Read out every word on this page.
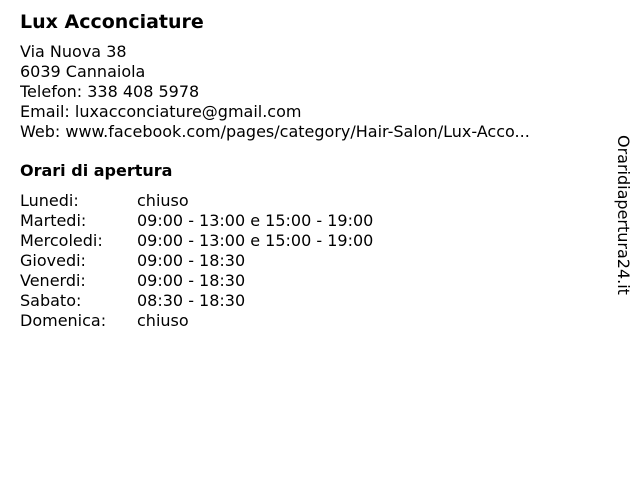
Lux Acconciature
Via Nuova 38
6039 Cannaiola
Telefon: 338 408 5978
Email: luxacconciature@gmail.com
Web: www.facebook.com/pages/category/Hair-Salon/Lux-Acco...
Orari di apertura
Lunedi:	chiuso
Martedi:	09:00 - 13:00 e 15:00 - 19:00
Mercoledi:	09:00 - 13:00 e 15:00 - 19:00
Giovedi:	09:00 - 18:30
Venerdi:	09:00 - 18:30
Sabato:	08:30 - 18:30
Domenica:	chiuso
Oraridiapertura24.it
